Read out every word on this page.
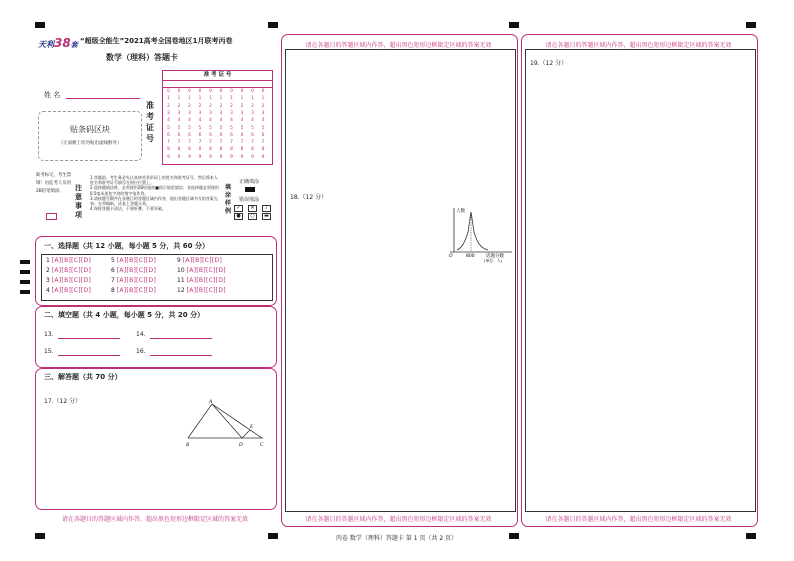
天利38套 “超级全能生”2021高考全国卷地区1月联考丙卷
数学（理科）答题卡
姓 名
贴条码区块
（正面朝上切勿贴出虚线框外）
准考证号
准 考 证 号
0	0	0	0	0	0	0	0	0	0
1	1	1	1	1	1	1	1	1	1
2	2	2	2	2	2	2	2	2	2
3	3	3	3	3	3	3	3	3	3
4	4	4	4	4	4	4	4	4	4
5	5	5	5	5	5	5	5	5	5
6	6	6	6	6	6	6	6	6	6
7	7	7	7	7	7	7	7	7	7
8	8	8	8	8	8	8	8	8	8
9	9	9	9	9	9	9	9	9	9
缺考标记，考生禁填！由监考人员用2B铅笔填涂。	注意事项
1.答题前，考生务必先认真核对条形码上的姓名和准考证号，然后将本人姓名和准考证号填写在相应位置上。
2.选择题填涂时，必须使用2B铅笔按■图示规范填涂；非选择题必须使用0.5毫米黑色字迹的签字笔作答。
3.请按题号顺序在各题目的答题区域内作答，超出答题区域书写的答案无效；在草稿纸、试卷上答题无效。
4.保持答题卡清洁，不要折叠、不要弄破。
填涂样例
正确填涂
错误填涂
✓	✕	/
●	○	▬
一、选择题（共 12 小题，每小题 5 分，共 60 分）
1 [A][B][C][D]
2 [A][B][C][D]
3 [A][B][C][D]
4 [A][B][C][D]
5 [A][B][C][D]
6 [A][B][C][D]
7 [A][B][C][D]
8 [A][B][C][D]
9 [A][B][C][D]
10 [A][B][C][D]
11 [A][B][C][D]
12 [A][B][C][D]
二、填空题（共 4 小题，每小题 5 分，共 20 分）
13.	14.
15.	16.
三、解答题（共 70 分）
17.（12 分）	A
B	D
E
C
请在各题目的答题区域内作答，超出黑色矩形边框限定区域的答案无效
请在各题目的答题区域内作答，超出黑色矩形边框限定区域的答案无效
18.（12 分）
人数
O	800	话题分数
(单位：人)
请在各题目的答题区域内作答，超出黑色矩形边框限定区域的答案无效
请在各题目的答题区域内作答，超出黑色矩形边框限定区域的答案无效
19.（12 分）
请在各题目的答题区域内作答，超出黑色矩形边框限定区域的答案无效
丙卷 数学（理科）答题卡 第 1 页（共 2 页）
